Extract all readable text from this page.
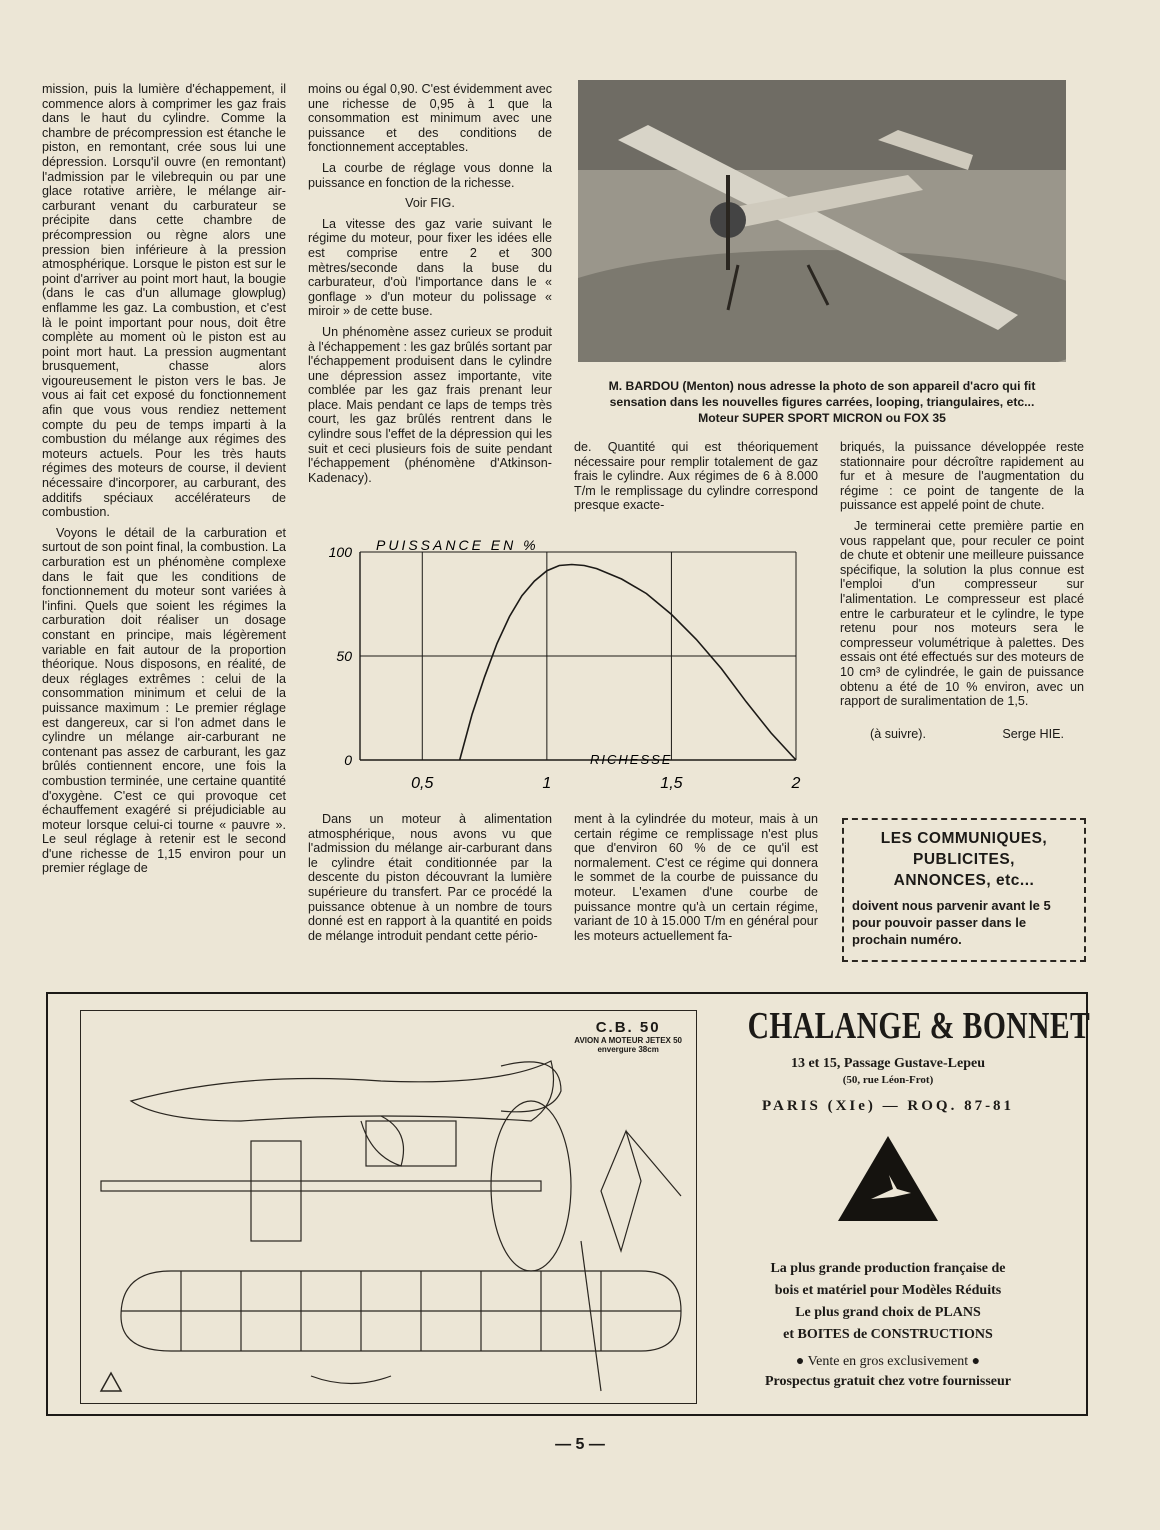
mission, puis la lumière d'échappement, il commence alors à comprimer les gaz frais dans le haut du cylindre. Comme la chambre de précompression est étanche le piston, en remontant, crée sous lui une dépression. Lorsqu'il ouvre (en remontant) l'admission par le vilebrequin ou par une glace rotative arrière, le mélange air-carburant venant du carburateur se précipite dans cette chambre de précompression ou règne alors une pression bien inférieure à la pression atmosphérique. Lorsque le piston est sur le point d'arriver au point mort haut, la bougie (dans le cas d'un allumage glowplug) enflamme les gaz. La combustion, et c'est là le point important pour nous, doit être complète au moment où le piston est au point mort haut. La pression augmentant brusquement, chasse alors vigoureusement le piston vers le bas. Je vous ai fait cet exposé du fonctionnement afin que vous vous rendiez nettement compte du peu de temps imparti à la combustion du mélange aux régimes des moteurs actuels. Pour les très hauts régimes des moteurs de course, il devient nécessaire d'incorporer, au carburant, des additifs spéciaux accélérateurs de combustion.

Voyons le détail de la carburation et surtout de son point final, la combustion. La carburation est un phénomène complexe dans le fait que les conditions de fonctionnement du moteur sont variées à l'infini. Quels que soient les régimes la carburation doit réaliser un dosage constant en principe, mais légèrement variable en fait autour de la proportion théorique. Nous disposons, en réalité, de deux réglages extrêmes : celui de la consommation minimum et celui de la puissance maximum : Le premier réglage est dangereux, car si l'on admet dans le cylindre un mélange air-carburant ne contenant pas assez de carburant, les gaz brûlés contiennent encore, une fois la combustion terminée, une certaine quantité d'oxygène. C'est ce qui provoque cet échauffement exagéré si préjudiciable au moteur lorsque celui-ci tourne « pauvre ». Le seul réglage à retenir est le second d'une richesse de 1,15 environ pour un premier réglage de

moins ou égal 0,90. C'est évidemment avec une richesse de 0,95 à 1 que la consommation est minimum avec une puissance et des conditions de fonctionnement acceptables.

La courbe de réglage vous donne la puissance en fonction de la richesse.

Voir FIG.

La vitesse des gaz varie suivant le régime du moteur, pour fixer les idées elle est comprise entre 2 et 300 mètres/seconde dans la buse du carburateur, d'où l'importance dans le « gonflage » d'un moteur du polissage « miroir » de cette buse.

Un phénomène assez curieux se produit à l'échappement : les gaz brûlés sortant par l'échappement produisent dans le cylindre une dépression assez importante, vite comblée par les gaz frais prenant leur place. Mais pendant ce laps de temps très court, les gaz brûlés rentrent dans le cylindre sous l'effet de la dépression qui les suit et ceci plusieurs fois de suite pendant l'échappement (phénomène d'Atkinson-Kadenacy).

M. BARDOU (Menton) nous adresse la photo de son appareil d'acro qui fit
sensation dans les nouvelles figures carrées, looping, triangulaires, etc...
Moteur SUPER SPORT MICRON ou FOX 35

de. Quantité qui est théoriquement nécessaire pour remplir totalement de gaz frais le cylindre. Aux régimes de 6 à 8.000 T/m le remplissage du cylindre correspond presque exacte-

briqués, la puissance développée reste stationnaire pour décroître rapidement au fur et à mesure de l'augmentation du régime : ce point de tangente de la puissance est appelé point de chute.

Je terminerai cette première partie en vous rappelant que, pour reculer ce point de chute et obtenir une meilleure puissance spécifique, la solution la plus connue est l'emploi d'un compresseur sur l'alimentation. Le compresseur est placé entre le carburateur et le cylindre, le type retenu pour nos moteurs sera le compresseur volumétrique à palettes. Des essais ont été effectués sur des moteurs de 10 cm³ de cylindrée, le gain de puissance obtenu a été de 10 % environ, avec un rapport de suralimentation de 1,5.

(à suivre).	Serge HIE.
0,5	1	1,5	2
0
50
100 PUISSANCE EN %
RICHESSE

Dans un moteur à alimentation atmosphérique, nous avons vu que l'admission du mélange air-carburant dans le cylindre était conditionnée par la descente du piston découvrant la lumière supérieure du transfert. Par ce procédé la puissance obtenue à un nombre de tours donné est en rapport à la quantité en poids de mélange introduit pendant cette pério-

ment à la cylindrée du moteur, mais à un certain régime ce remplissage n'est plus que d'environ 60 % de ce qu'il est normalement. C'est ce régime qui donnera le sommet de la courbe de puissance du moteur. L'examen d'une courbe de puissance montre qu'à un certain régime, variant de 10 à 15.000 T/m en général pour les moteurs actuellement fa-

LES COMMUNIQUES,
PUBLICITES,
ANNONCES, etc...
doivent nous parvenir avant le 5 pour pouvoir passer dans le prochain numéro.
C.B. 50
AVION A MOTEUR JETEX 50
envergure 38cm
CHALANGE & BONNET
13 et 15, Passage Gustave-Lepeu
(50, rue Léon-Frot)
PARIS (XIe) — ROQ. 87-81
La plus grande production française de
bois et matériel pour Modèles Réduits
Le plus grand choix de PLANS
et BOITES de CONSTRUCTIONS
● Vente en gros exclusivement ●
Prospectus gratuit chez votre fournisseur
— 5 —
